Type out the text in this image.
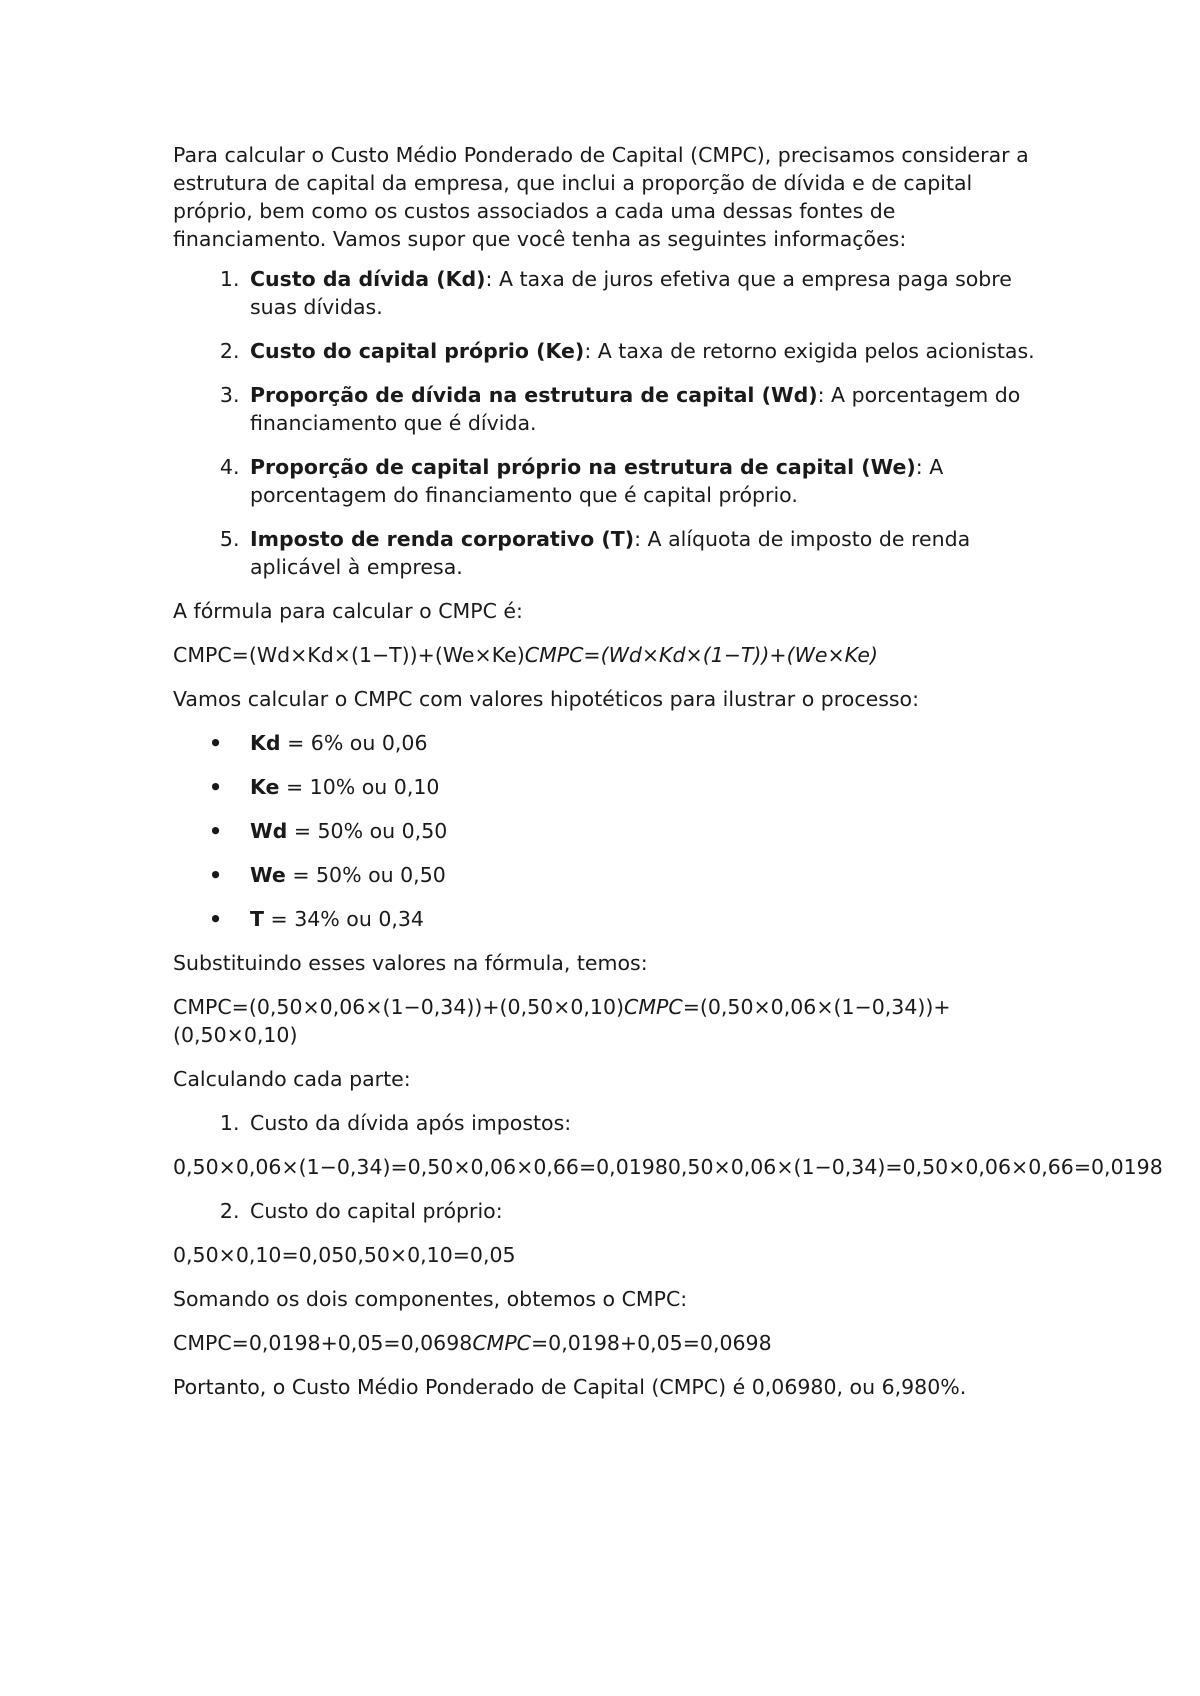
Para calcular o Custo Médio Ponderado de Capital (CMPC), precisamos considerar a estrutura de capital da empresa, que inclui a proporção de dívida e de capital próprio, bem como os custos associados a cada uma dessas fontes de financiamento. Vamos supor que você tenha as seguintes informações:

1. Custo da dívida (Kd): A taxa de juros efetiva que a empresa paga sobre suas dívidas.
2. Custo do capital próprio (Ke): A taxa de retorno exigida pelos acionistas.
3. Proporção de dívida na estrutura de capital (Wd): A porcentagem do financiamento que é dívida.
4. Proporção de capital próprio na estrutura de capital (We): A porcentagem do financiamento que é capital próprio.
5. Imposto de renda corporativo (T): A alíquota de imposto de renda aplicável à empresa.

A fórmula para calcular o CMPC é:

CMPC=(Wd×Kd×(1−T))+(We×Ke)CMPC=(Wd×Kd×(1−T))+(We×Ke)

Vamos calcular o CMPC com valores hipotéticos para ilustrar o processo:

• Kd = 6% ou 0,06
• Ke = 10% ou 0,10
• Wd = 50% ou 0,50
• We = 50% ou 0,50
• T = 34% ou 0,34

Substituindo esses valores na fórmula, temos:

CMPC=(0,50×0,06×(1−0,34))+(0,50×0,10)CMPC=(0,50×0,06×(1−0,34))+(0,50×0,10)

Calculando cada parte:

1. Custo da dívida após impostos:

0,50×0,06×(1−0,34)=0,50×0,06×0,66=0,01980,50×0,06×(1−0,34)=0,50×0,06×0,66=0,0198

2. Custo do capital próprio:

0,50×0,10=0,050,50×0,10=0,05

Somando os dois componentes, obtemos o CMPC:

CMPC=0,0198+0,05=0,0698CMPC=0,0198+0,05=0,0698

Portanto, o Custo Médio Ponderado de Capital (CMPC) é 0,06980, ou 6,980%.
